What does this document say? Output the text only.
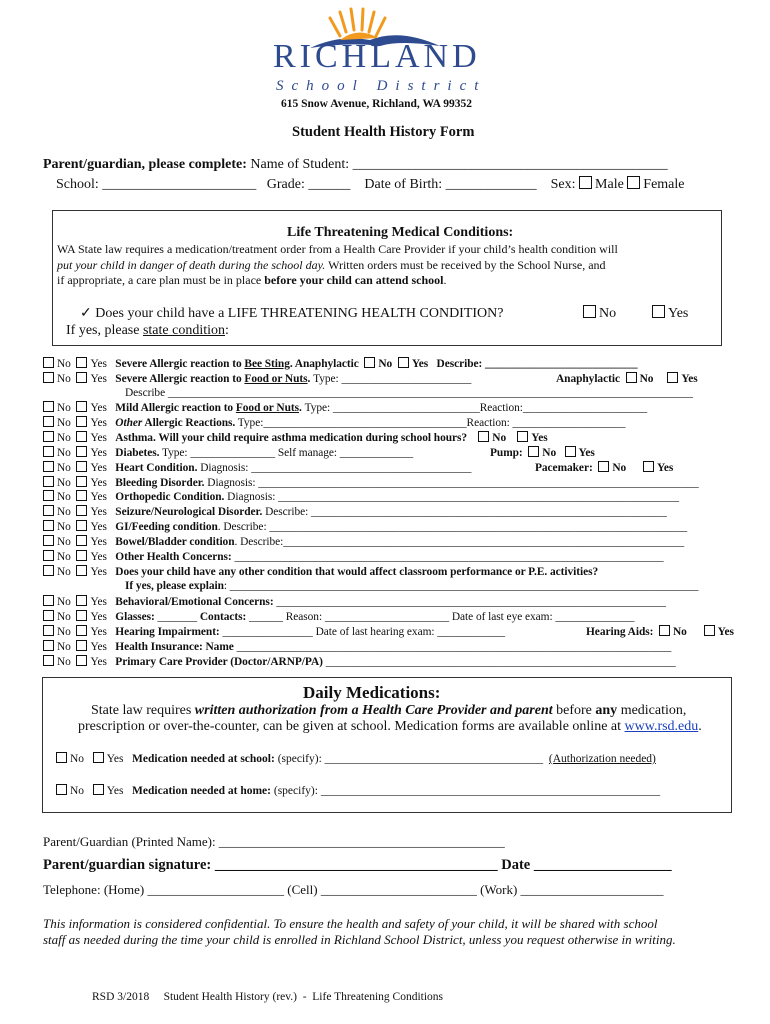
RICHLAND
School District
615 Snow Avenue, Richland, WA 99352
Student Health History Form
Parent/guardian, please complete: Name of Student: _____________________________________________
School: ______________________ Grade: ______ Date of Birth: _____________ Sex: Male Female
Life Threatening Medical Conditions:
WA State law requires a medication/treatment order from a Health Care Provider if your child’s health condition will
put your child in danger of death during the school day. Written orders must be received by the School Nurse, and
if appropriate, a care plan must be in place before your child can attend school.
✓ Does your child have a LIFE THREATENING HEALTH CONDITION?	No	Yes
If yes, please state condition:
No Yes Severe Allergic reaction to Bee Sting. Anaphylactic No Yes Describe: ___________________________
No Yes Severe Allergic reaction to Food or Nuts. Type: _______________________	Anaphylactic No Yes
Describe _____________________________________________________________________________________________
No Yes Mild Allergic reaction to Food or Nuts. Type: __________________________Reaction:______________________
No Yes Other Allergic Reactions. Type:____________________________________Reaction: ____________________
No Yes Asthma. Will your child require asthma medication during school hours? No Yes
No Yes Diabetes. Type: _______________ Self manage: _____________	Pump: No Yes
No Yes Heart Condition. Diagnosis: _______________________________________	Pacemaker: No	Yes
No Yes Bleeding Disorder. Diagnosis: ______________________________________________________________________________
No Yes Orthopedic Condition. Diagnosis: _______________________________________________________________________
No Yes Seizure/Neurological Disorder. Describe: _______________________________________________________________
No Yes GI/Feeding condition. Describe: __________________________________________________________________________
No Yes Bowel/Bladder condition. Describe:_______________________________________________________________________
No Yes Other Health Concerns: ____________________________________________________________________________
No Yes Does your child have any other condition that would affect classroom performance or P.E. activities?
If yes, please explain: ___________________________________________________________________________________
No Yes Behavioral/Emotional Concerns: _____________________________________________________________________
No Yes Glasses: _______ Contacts: ______ Reason: ______________________ Date of last eye exam: ______________
No Yes Hearing Impairment: ________________ Date of last hearing exam: ____________	Hearing Aids: No	Yes
No Yes Health Insurance: Name _____________________________________________________________________________
No Yes Primary Care Provider (Doctor/ARNP/PA) ______________________________________________________________
Daily Medications:
State law requires written authorization from a Health Care Provider and parent before any medication,
prescription or over-the-counter, can be given at school. Medication forms are available online at www.rsd.edu.
No Yes Medication needed at school: (specify): ______________________________________ (Authorization needed)
No Yes Medication needed at home: (specify): ___________________________________________________________
Parent/Guardian (Printed Name): ____________________________________________
Parent/guardian signature: _______________________________________ Date ___________________
Telephone: (Home) _____________________ (Cell) ________________________ (Work) ______________________
This information is considered confidential. To ensure the health and safety of your child, it will be shared with school
staff as needed during the time your child is enrolled in Richland School District, unless you request otherwise in writing.
RSD 3/2018     Student Health History (rev.)  -  Life Threatening Conditions
